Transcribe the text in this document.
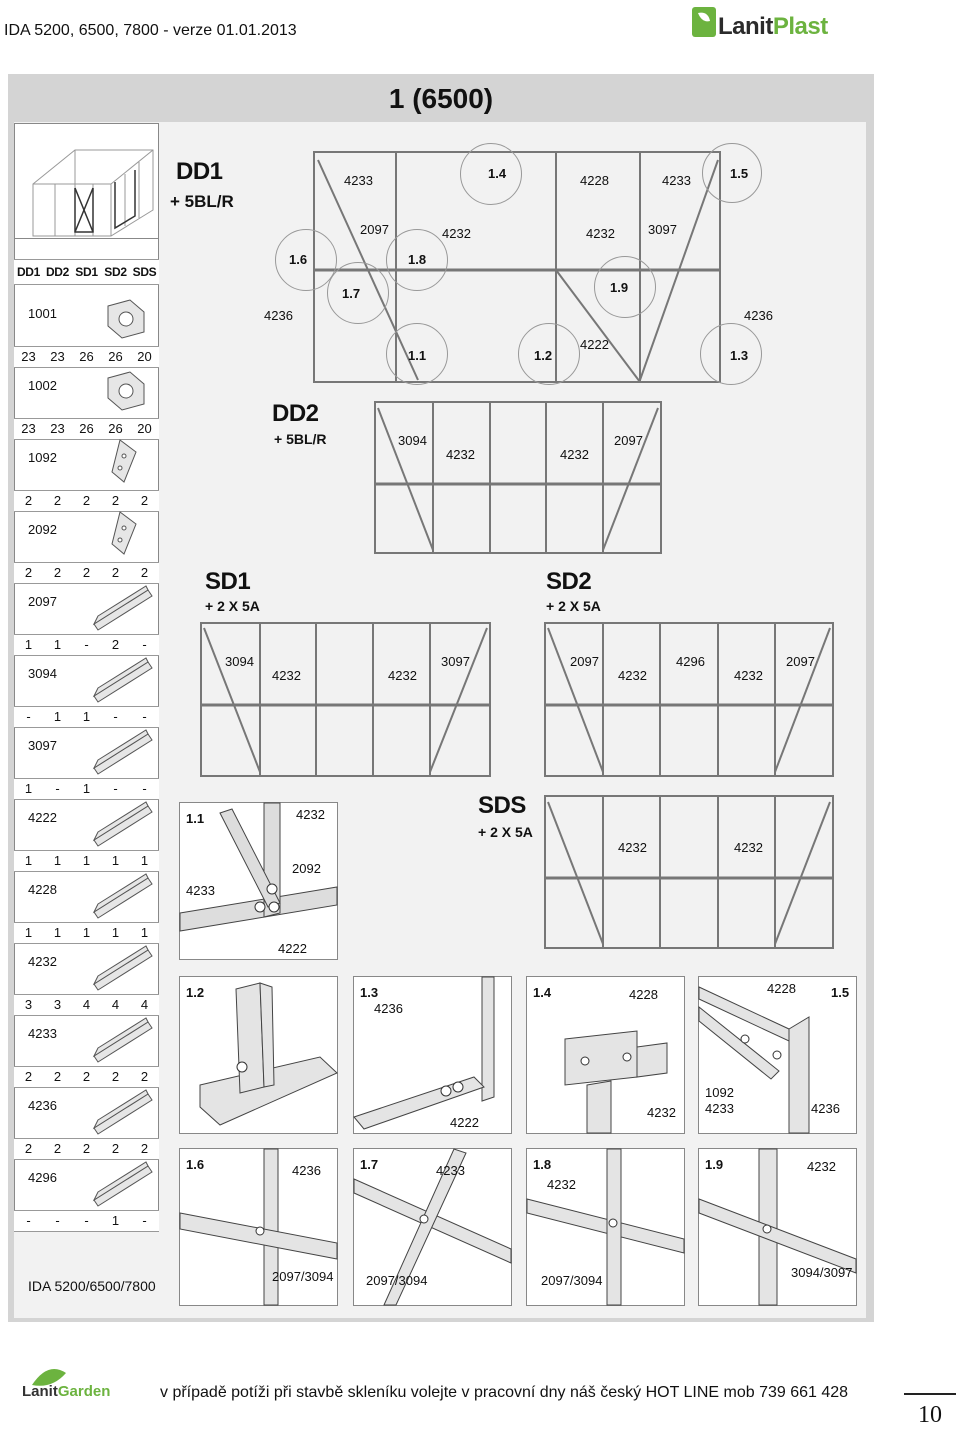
IDA 5200, 6500, 7800 - verze 01.01.2013	LanitPlast
1 (6500)
DD1 DD2 SD1 SD2 SDS
1001
23	23	26	26	20
1002
23	23	26	26	20
1092
2	2	2	2	2
2092
2	2	2	2	2
2097
1	1	-	2	-
3094
-	1	1	-	-
3097
1	-	1	-	-
4222
1	1	1	1	1
4228
1	1	1	1	1
4232
3	3	4	4	4
4233
2	2	2	2	2
4236
2	2	2	2	2
4296
-	-	-	1	-
IDA 5200/6500/7800
DD1
+ 5BL/R
4233	1.4	4228	4233	1.5
2097	4232	4232	3097
1.6	1.8
1.7	1.9
4236	4236
1.1	1.2
4222
1.3
DD2
+ 5BL/R	3094
4232	4232
2097
SD1
+ 2 X 5A
3094
4232	4232
3097
SD2
+ 2 X 5A
2097
4232
4296
4232
2097
SDS
+ 2 X 5A
4232	4232
1.1	4232
2092
4233
4222
1.2	1.3
4236
4222
1.4	4228
4232
1.5
4228
1092
4233	4236
1.6	4236
2097/3094
1.7	4233
2097/3094
1.8
4232
2097/3094
1.9	4232
3094/3097
LanitGarden	v případě potíži při stavbě skleníku volejte v pracovní dny náš český HOT LINE mob 739 661 428
10
